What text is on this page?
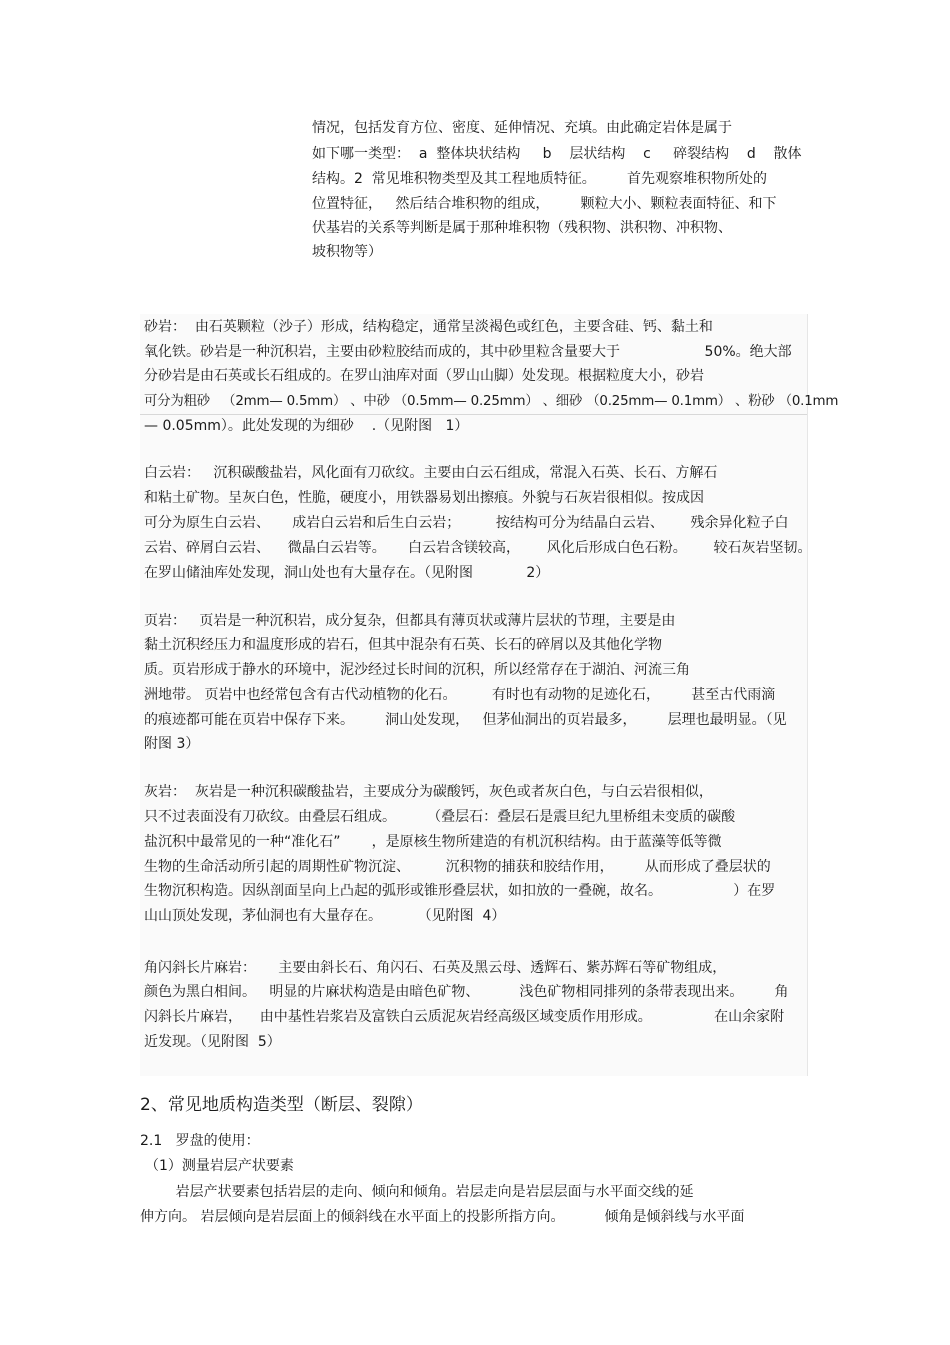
情况，包括发育方位、密度、延伸情况、充填。由此确定岩体是属于
如下哪一类型：  a  整体块状结构     b    层状结构    c     碎裂结构    d    散体
结构。2  常见堆积物类型及其工程地质特征。       首先观察堆积物所处的
位置特征，   然后结合堆积物的组成，       颗粒大小、颗粒表面特征、和下
伏基岩的关系等判断是属于那种堆积物（残积物、洪积物、冲积物、
坡积物等）
砂岩：  由石英颗粒（沙子）形成，结构稳定，通常呈淡褐色或红色，主要含硅、钙、黏土和
氧化铁。砂岩是一种沉积岩，主要由砂粒胶结而成的，其中砂里粒含量要大于                   50%。绝大部
分砂岩是由石英或长石组成的。在罗山油库对面（罗山山脚）处发现。根据粒度大小，砂岩
可分为粗砂   （2mm— 0.5mm） 、中砂 （0.5mm— 0.25mm） 、细砂 （0.25mm— 0.1mm） 、粉砂 （0.1mm
— 0.05mm）。此处发现的为细砂    .（见附图   1）
白云岩：   沉积碳酸盐岩，风化面有刀砍纹。主要由白云石组成，常混入石英、长石、方解石
和粘土矿物。呈灰白色，性脆，硬度小，用铁器易划出擦痕。外貌与石灰岩很相似。按成因
可分为原生白云岩、     成岩白云岩和后生白云岩；        按结构可分为结晶白云岩、      残余异化粒子白
云岩、碎屑白云岩、    微晶白云岩等。     白云岩含镁较高，      风化后形成白色石粉。      较石灰岩坚韧。
在罗山储油库处发现，洞山处也有大量存在。（见附图            2）
页岩：   页岩是一种沉积岩，成分复杂，但都具有薄页状或薄片层状的节理，主要是由
黏土沉积经压力和温度形成的岩石，但其中混杂有石英、长石的碎屑以及其他化学物
质。页岩形成于静水的环境中，泥沙经过长时间的沉积，所以经常存在于湖泊、河流三角
洲地带。 页岩中也经常包含有古代动植物的化石。        有时也有动物的足迹化石，       甚至古代雨滴
的痕迹都可能在页岩中保存下来。       洞山处发现，   但茅仙洞出的页岩最多，       层理也最明显。（见
附图 3）
灰岩：  灰岩是一种沉积碳酸盐岩，主要成分为碳酸钙，灰色或者灰白色，与白云岩很相似，
只不过表面没有刀砍纹。由叠层石组成。       （叠层石：叠层石是震旦纪九里桥组未变质的碳酸
盐沉积中最常见的一种“准化石”       ，是原核生物所建造的有机沉积结构。由于蓝藻等低等微
生物的生命活动所引起的周期性矿物沉淀、        沉积物的捕获和胶结作用，       从而形成了叠层状的
生物沉积构造。因纵剖面呈向上凸起的弧形或锥形叠层状，如扣放的一叠碗，故名。                ）在罗
山山顶处发现，茅仙洞也有大量存在。        （见附图  4）
角闪斜长片麻岩：     主要由斜长石、角闪石、石英及黑云母、透辉石、紫苏辉石等矿物组成，
颜色为黑白相间。   明显的片麻状构造是由暗色矿物、         浅色矿物相同排列的条带表现出来。       角
闪斜长片麻岩，    由中基性岩浆岩及富铁白云质泥灰岩经高级区域变质作用形成。              在山余家附
近发现。（见附图  5）
2、常见地质构造类型（断层、裂隙）
2.1   罗盘的使用：
（1）测量岩层产状要素
岩层产状要素包括岩层的走向、倾向和倾角。岩层走向是岩层层面与水平面交线的延
伸方向。 岩层倾向是岩层面上的倾斜线在水平面上的投影所指方向。         倾角是倾斜线与水平面
